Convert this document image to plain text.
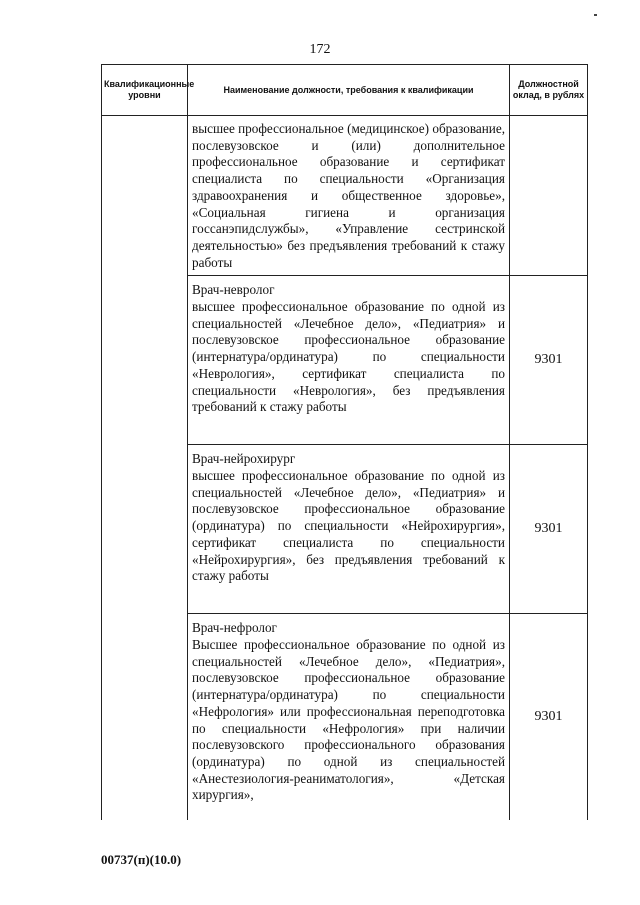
172
Квалификационные уровни	Наименование должности, требования к квалификации	Должностной оклад, в рублях
	высшее профессиональное (медицинское) образование, послевузовское и (или) дополнительное профессиональное образование и сертификат специалиста по специальности «Организация здравоохранения и общественное здоровье», «Социальная гигиена и организация госсанэпидслужбы», «Управление сестринской деятельностью» без предъявления требований к стажу работы	

	Врач-невролог
высшее профессиональное образование по одной из специальностей «Лечебное дело», «Педиатрия» и послевузовское профессиональное образование (интернатура/ординатура) по специальности «Неврология», сертификат специалиста по специальности «Неврология», без предъявления требований к стажу работы	9301

	Врач-нейрохирург
высшее профессиональное образование по одной из специальностей «Лечебное дело», «Педиатрия» и послевузовское профессиональное образование (ординатура) по специальности «Нейрохирургия», сертификат специалиста по специальности «Нейрохирургия», без предъявления требований к стажу работы	9301

	Врач-нефролог
Высшее профессиональное образование по одной из специальностей «Лечебное дело», «Педиатрия», послевузовское профессиональное образование (интернатура/ординатура) по специальности «Нефрология» или профессиональная переподготовка по специальности «Нефрология» при наличии послевузовского профессионального образования (ординатура) по одной из специальностей «Анестезиология-реаниматология», «Детская хирургия»,	9301
00737(п)(10.0)
